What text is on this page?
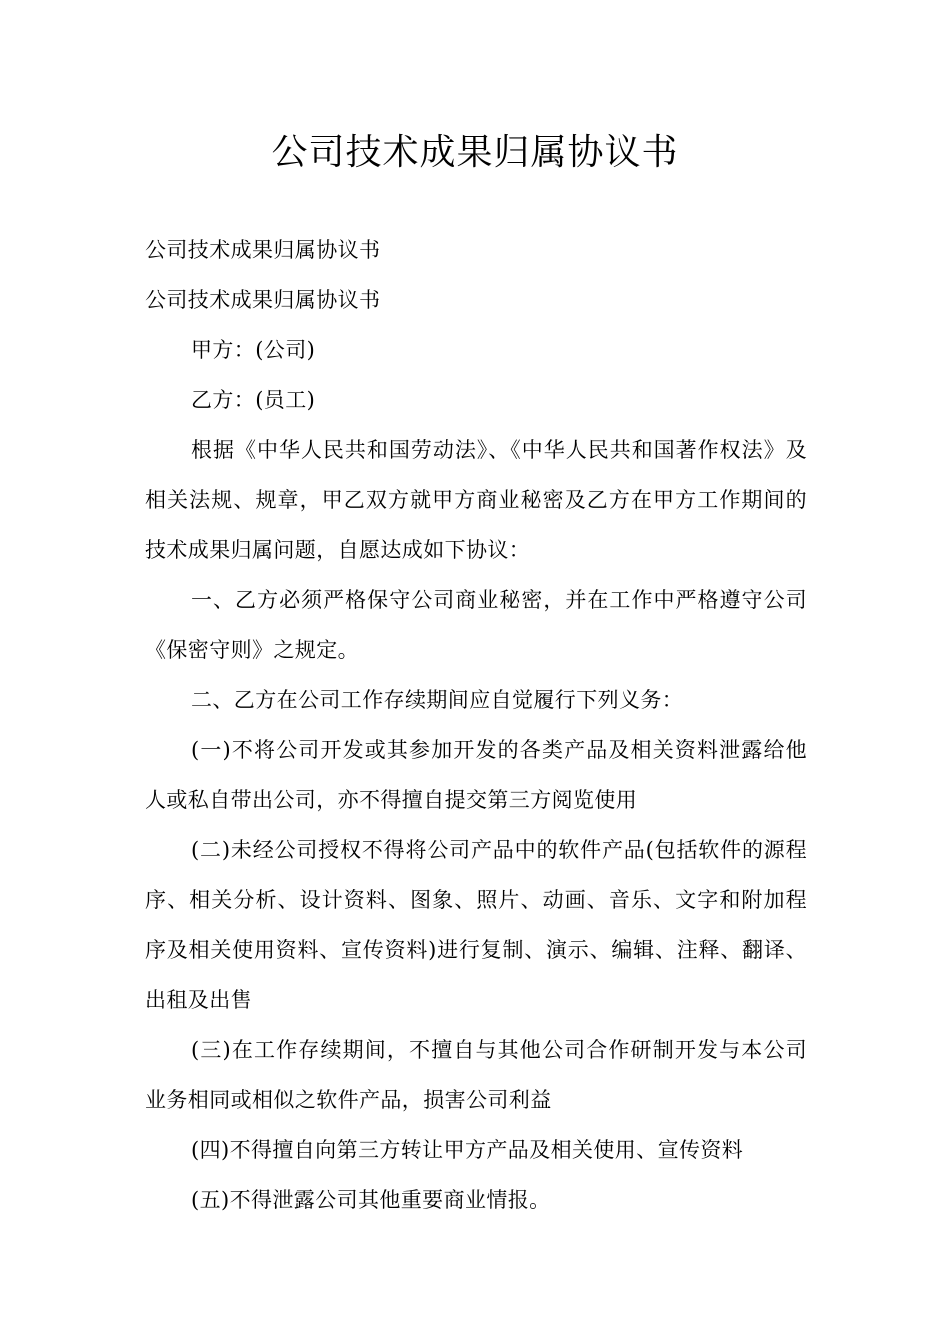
公司技术成果归属协议书

公司技术成果归属协议书

公司技术成果归属协议书

甲方：(公司)

乙方：(员工)

根据《中华人民共和国劳动法》、《中华人民共和国著作权法》及相关法规、规章，甲乙双方就甲方商业秘密及乙方在甲方工作期间的技术成果归属问题，自愿达成如下协议：

一、乙方必须严格保守公司商业秘密，并在工作中严格遵守公司《保密守则》之规定。

二、乙方在公司工作存续期间应自觉履行下列义务：

(一)不将公司开发或其参加开发的各类产品及相关资料泄露给他人或私自带出公司，亦不得擅自提交第三方阅览使用

(二)未经公司授权不得将公司产品中的软件产品(包括软件的源程序、相关分析、设计资料、图象、照片、动画、音乐、文字和附加程序及相关使用资料、宣传资料)进行复制、演示、编辑、注释、翻译、出租及出售

(三)在工作存续期间，不擅自与其他公司合作研制开发与本公司业务相同或相似之软件产品，损害公司利益

(四)不得擅自向第三方转让甲方产品及相关使用、宣传资料

(五)不得泄露公司其他重要商业情报。
